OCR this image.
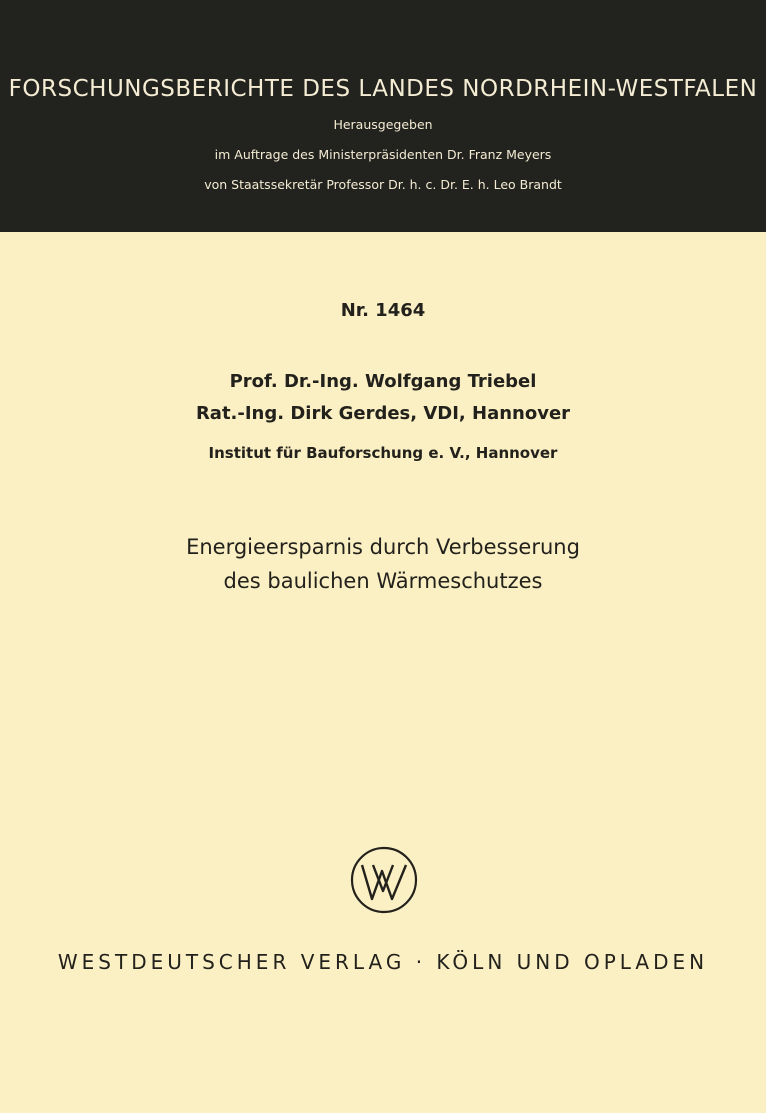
FORSCHUNGSBERICHTE DES LANDES NORDRHEIN-WESTFALEN
Herausgegeben
im Auftrage des Ministerpräsidenten Dr. Franz Meyers
von Staatssekretär Professor Dr. h. c. Dr. E. h. Leo Brandt
Nr. 1464
Prof. Dr.-Ing. Wolfgang Triebel
Rat.-Ing. Dirk Gerdes, VDI, Hannover
Institut für Bauforschung e. V., Hannover
Energieersparnis durch Verbesserung
des baulichen Wärmeschutzes
WESTDEUTSCHER VERLAG · KÖLN UND OPLADEN
